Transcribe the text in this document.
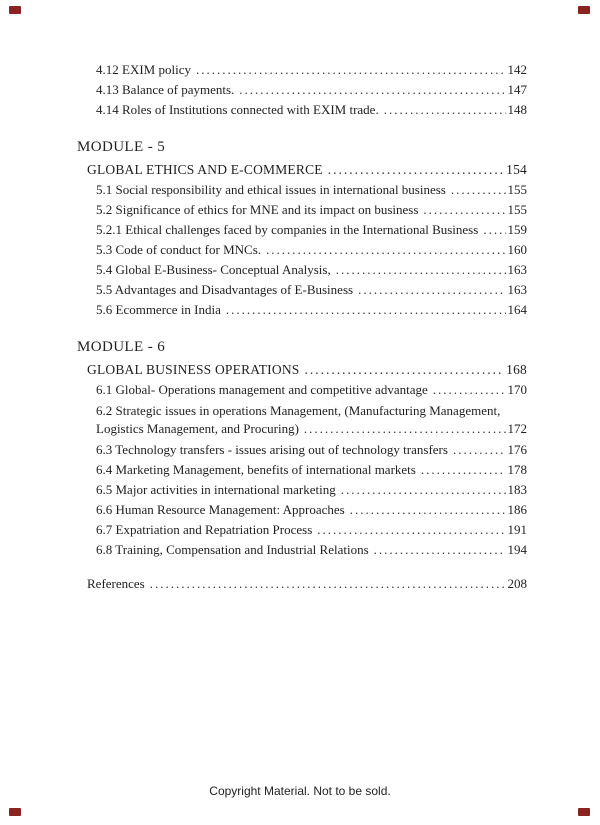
4.12 EXIM policy .....	142
4.13 Balance of payments. .....	147
4.14 Roles of Institutions connected with EXIM trade. .....	148
MODULE - 5
GLOBAL ETHICS AND E-COMMERCE .....	154
5.1 Social responsibility and ethical issues in international business .....	155
5.2 Significance of ethics for MNE and its impact on business .....	155
5.2.1 Ethical challenges faced by companies in the International Business ..... 159
5.3 Code of conduct for MNCs. .....	160
5.4 Global E-Business- Conceptual Analysis, .....	163
5.5 Advantages and Disadvantages of E-Business .....	163
5.6 Ecommerce in India .....	164
MODULE - 6
GLOBAL BUSINESS OPERATIONS .....	168
6.1 Global- Operations management and competitive advantage .....	170
6.2 Strategic issues in operations Management, (Manufacturing Management,
Logistics Management, and Procuring) .....	172
6.3 Technology transfers - issues arising out of technology transfers .....	176
6.4 Marketing Management, benefits of international markets .....	178
6.5 Major activities in international marketing .....	183
6.6 Human Resource Management: Approaches .....	186
6.7 Expatriation and Repatriation Process .....	191
6.8 Training, Compensation and Industrial Relations .....	194
References .....	208
Copyright Material. Not to be sold.
